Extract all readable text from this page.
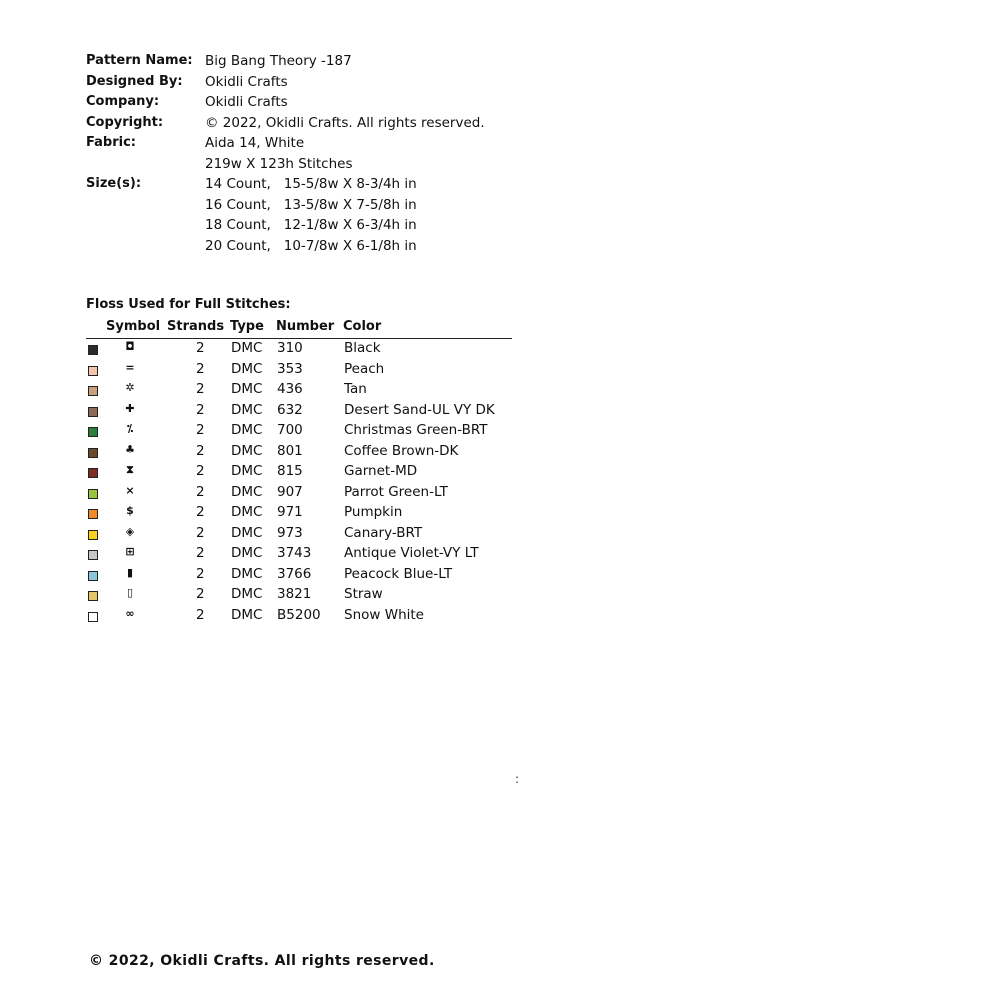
Pattern Name: Big Bang Theory -187
Designed By:	Okidli Crafts
Company:	Okidli Crafts
Copyright:	© 2022, Okidli Crafts. All rights reserved.
Fabric:	Aida 14, White
219w X 123h Stitches
Size(s):	14 Count,   15-5/8w X 8-3/4h in
16 Count,   13-5/8w X 7-5/8h in
18 Count,   12-1/8w X 6-3/4h in
20 Count,   10-7/8w X 6-1/8h in
Floss Used for Full Stitches:
Symbol Strands Type Number Color
◘	2 DMC 310	Black
=	2 DMC 353	Peach
✲	2 DMC 436	Tan
✚	2 DMC 632	Desert Sand-UL VY DK
⁒	2 DMC 700	Christmas Green-BRT
♣	2 DMC 801	Coffee Brown-DK
⧗	2 DMC 815	Garnet-MD
⨯	2 DMC 907	Parrot Green-LT
$	2 DMC 971	Pumpkin
◈	2 DMC 973	Canary-BRT
⊞	2 DMC 3743 Antique Violet-VY LT
▮	2 DMC 3766 Peacock Blue-LT
▯	2 DMC 3821 Straw
∞	2 DMC B5200 Snow White
꞉
© 2022, Okidli Crafts. All rights reserved.
